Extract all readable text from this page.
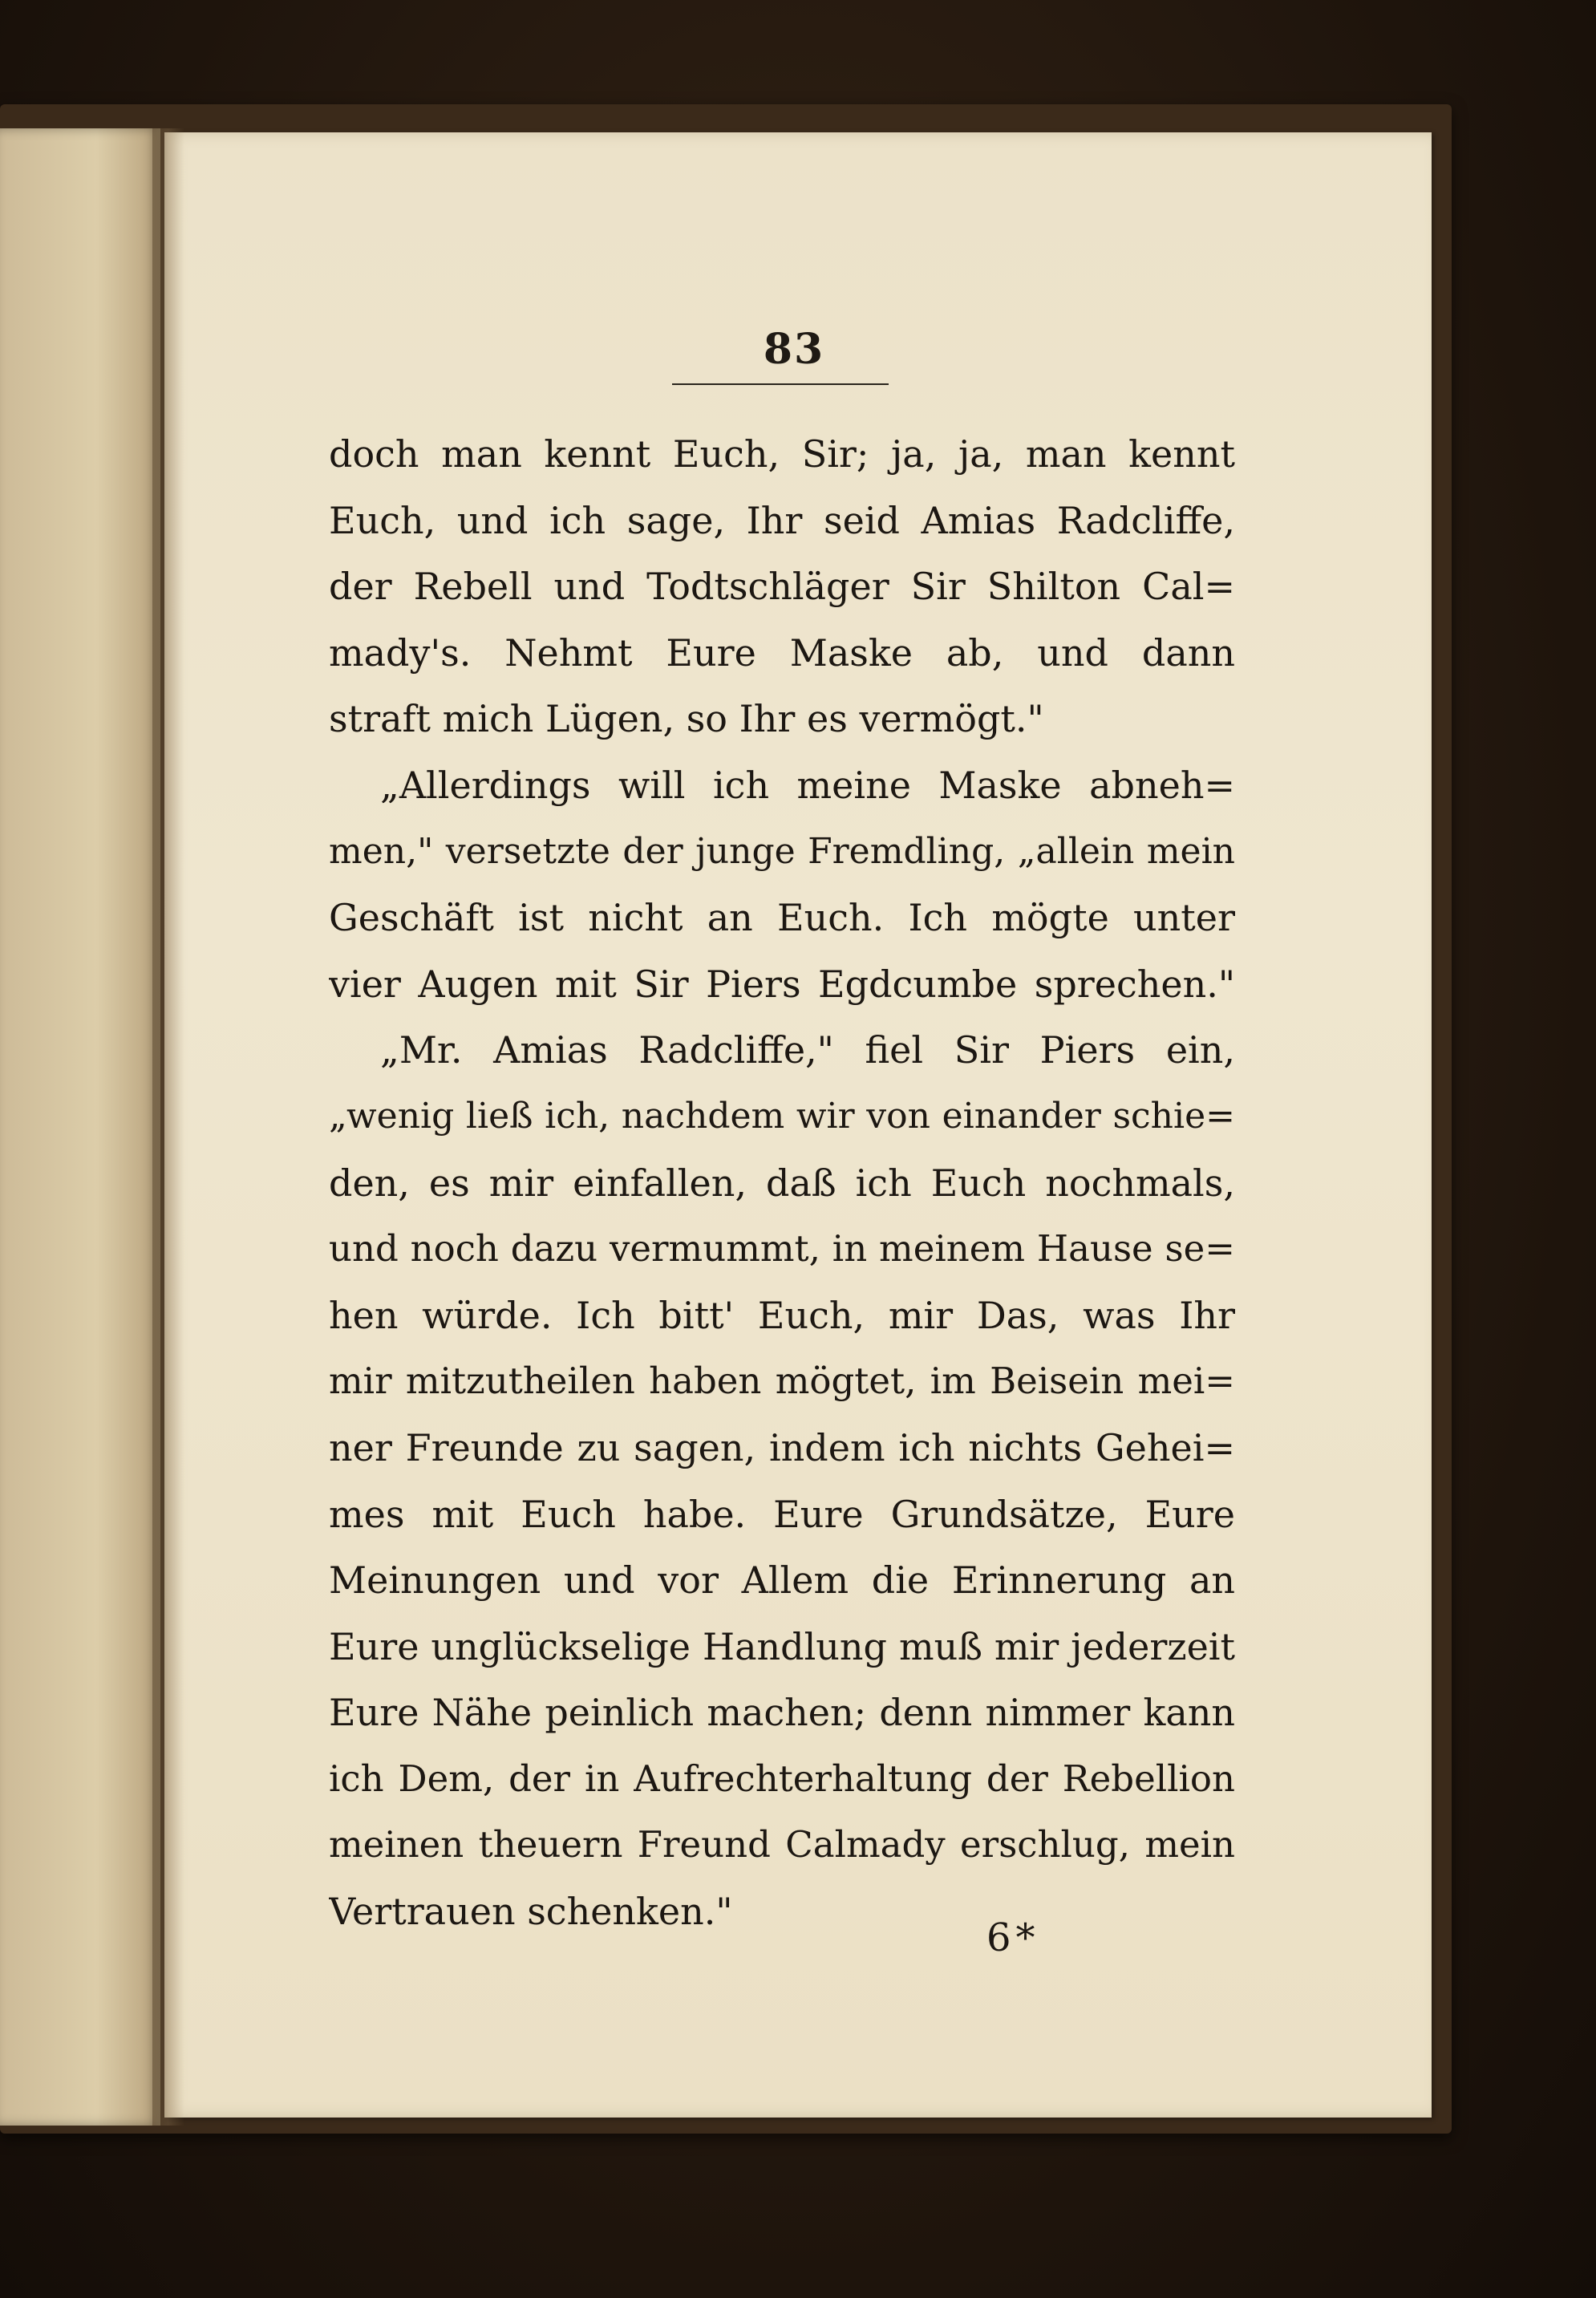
83
doch man kennt Euch, Sir; ja, ja, man kennt
Euch, und ich sage, Ihr seid Amias Radcliffe,
der Rebell und Todtschläger Sir Shilton Cal=
mady's. Nehmt Eure Maske ab, und dann
straft mich Lügen, so Ihr es vermögt."
„Allerdings will ich meine Maske abneh=
men," versetzte der junge Fremdling, „allein mein
Geschäft ist nicht an Euch. Ich mögte unter
vier Augen mit Sir Piers Egdcumbe sprechen."
„Mr. Amias Radcliffe," fiel Sir Piers ein,
„wenig ließ ich, nachdem wir von einander schie=
den, es mir einfallen, daß ich Euch nochmals,
und noch dazu vermummt, in meinem Hause se=
hen würde. Ich bitt' Euch, mir Das, was Ihr
mir mitzutheilen haben mögtet, im Beisein mei=
ner Freunde zu sagen, indem ich nichts Gehei=
mes mit Euch habe. Eure Grundsätze, Eure
Meinungen und vor Allem die Erinnerung an
Eure unglückselige Handlung muß mir jederzeit
Eure Nähe peinlich machen; denn nimmer kann
ich Dem, der in Aufrechterhaltung der Rebellion
meinen theuern Freund Calmady erschlug, mein
Vertrauen schenken."
6*
